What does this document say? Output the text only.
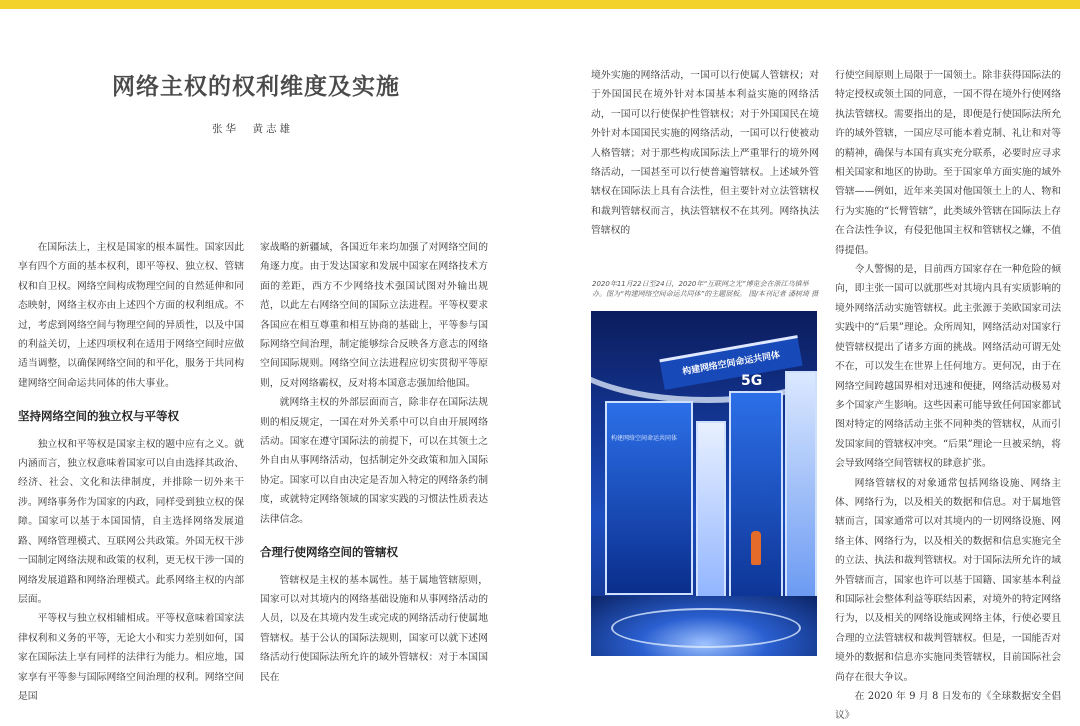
网络主权的权利维度及实施
张华　黄志雄

在国际法上，主权是国家的根本属性。国家因此享有四个方面的基本权利，即平等权、独立权、管辖权和自卫权。网络空间构成物理空间的自然延伸和同态映射，网络主权亦由上述四个方面的权利组成。不过，考虑到网络空间与物理空间的异质性，以及中国的利益关切，上述四项权利在适用于网络空间时应做适当调整，以确保网络空间的和平化，服务于共同构建网络空间命运共同体的伟大事业。

坚持网络空间的独立权与平等权

独立权和平等权是国家主权的题中应有之义。就内涵而言，独立权意味着国家可以自由选择其政治、经济、社会、文化和法律制度，并排除一切外来干涉。网络事务作为国家的内政，同样受到独立权的保障。国家可以基于本国国情，自主选择网络发展道路、网络管理模式、互联网公共政策。外国无权干涉一国制定网络法规和政策的权利，更无权干涉一国的网络发展道路和网络治理模式。此系网络主权的内部层面。

平等权与独立权相辅相成。平等权意味着国家法律权利和义务的平等，无论大小和实力差别如何，国家在国际法上享有同样的法律行为能力。相应地，国家享有平等参与国际网络空间治理的权利。网络空间是国

家战略的新疆域，各国近年来均加强了对网络空间的角逐力度。由于发达国家和发展中国家在网络技术方面的差距，西方不少网络技术强国试图对外输出规范，以此左右网络空间的国际立法进程。平等权要求各国应在相互尊重和相互协商的基础上，平等参与国际网络空间治理，制定能够综合反映各方意志的网络空间国际规则。网络空间立法进程应切实贯彻平等原则，反对网络霸权，反对将本国意志强加给他国。

就网络主权的外部层面而言，除非存在国际法规则的相反规定，一国在对外关系中可以自由开展网络活动。国家在遵守国际法的前提下，可以在其领土之外自由从事网络活动，包括制定外交政策和加入国际协定。国家可以自由决定是否加入特定的网络条约制度，或就特定网络领域的国家实践的习惯法性质表达法律信念。

合理行使网络空间的管辖权

管辖权是主权的基本属性。基于属地管辖原则，国家可以对其境内的网络基础设施和从事网络活动的人员，以及在其境内发生或完成的网络活动行使属地管辖权。基于公认的国际法规则，国家可以就下述网络活动行使国际法所允许的域外管辖权：对于本国国民在

境外实施的网络活动，一国可以行使属人管辖权；对于外国国民在境外针对本国基本利益实施的网络活动，一国可以行使保护性管辖权；对于外国国民在境外针对本国国民实施的网络活动，一国可以行使被动人格管辖；对于那些构成国际法上严重罪行的境外网络活动，一国甚至可以行使普遍管辖权。上述域外管辖权在国际法上具有合法性，但主要针对立法管辖权和裁判管辖权而言，执法管辖权不在其列。网络执法管辖权的

2020年11月22日至24日，2020年“互联网之光”博览会在浙江乌镇举办。图为“构建网络空间命运共同体”的主题展板。 图/本刊记者 潘树琦 摄
构建网络空间命运共同体
构建网络空间命运共同体
5G

行使空间原则上局限于一国领土。除非获得国际法的特定授权或领土国的同意，一国不得在境外行使网络执法管辖权。需要指出的是，即便是行使国际法所允许的域外管辖，一国应尽可能本着克制、礼让和对等的精神，确保与本国有真实充分联系，必要时应寻求相关国家和地区的协助。至于国家单方面实施的域外管辖——例如，近年来美国对他国领土上的人、物和行为实施的“长臂管辖”，此类域外管辖在国际法上存在合法性争议，有侵犯他国主权和管辖权之嫌，不值得提倡。

令人警惕的是，目前西方国家存在一种危险的倾向，即主张一国可以就那些对其境内具有实质影响的境外网络活动实施管辖权。此主张源于美欧国家司法实践中的“后果”理论。众所周知，网络活动对国家行使管辖权提出了诸多方面的挑战。网络活动可谓无处不在，可以发生在世界上任何地方。更何况，由于在网络空间跨越国界相对迅速和便捷，网络活动极易对多个国家产生影响。这些因素可能导致任何国家都试图对特定的网络活动主张不同种类的管辖权，从而引发国家间的管辖权冲突。“后果”理论一旦被采纳，将会导致网络空间管辖权的肆意扩张。

网络管辖权的对象通常包括网络设施、网络主体、网络行为，以及相关的数据和信息。对于属地管辖而言，国家通常可以对其境内的一切网络设施、网络主体、网络行为，以及相关的数据和信息实施完全的立法、执法和裁判管辖权。对于国际法所允许的域外管辖而言，国家也许可以基于国籍、国家基本利益和国际社会整体利益等联结因素，对境外的特定网络行为，以及相关的网络设施或网络主体，行使必要且合理的立法管辖权和裁判管辖权。但是，一国能否对境外的数据和信息亦实施同类管辖权，目前国际社会尚存在很大争议。

在 2020 年 9 月 8 日发布的《全球数据安全倡议》
